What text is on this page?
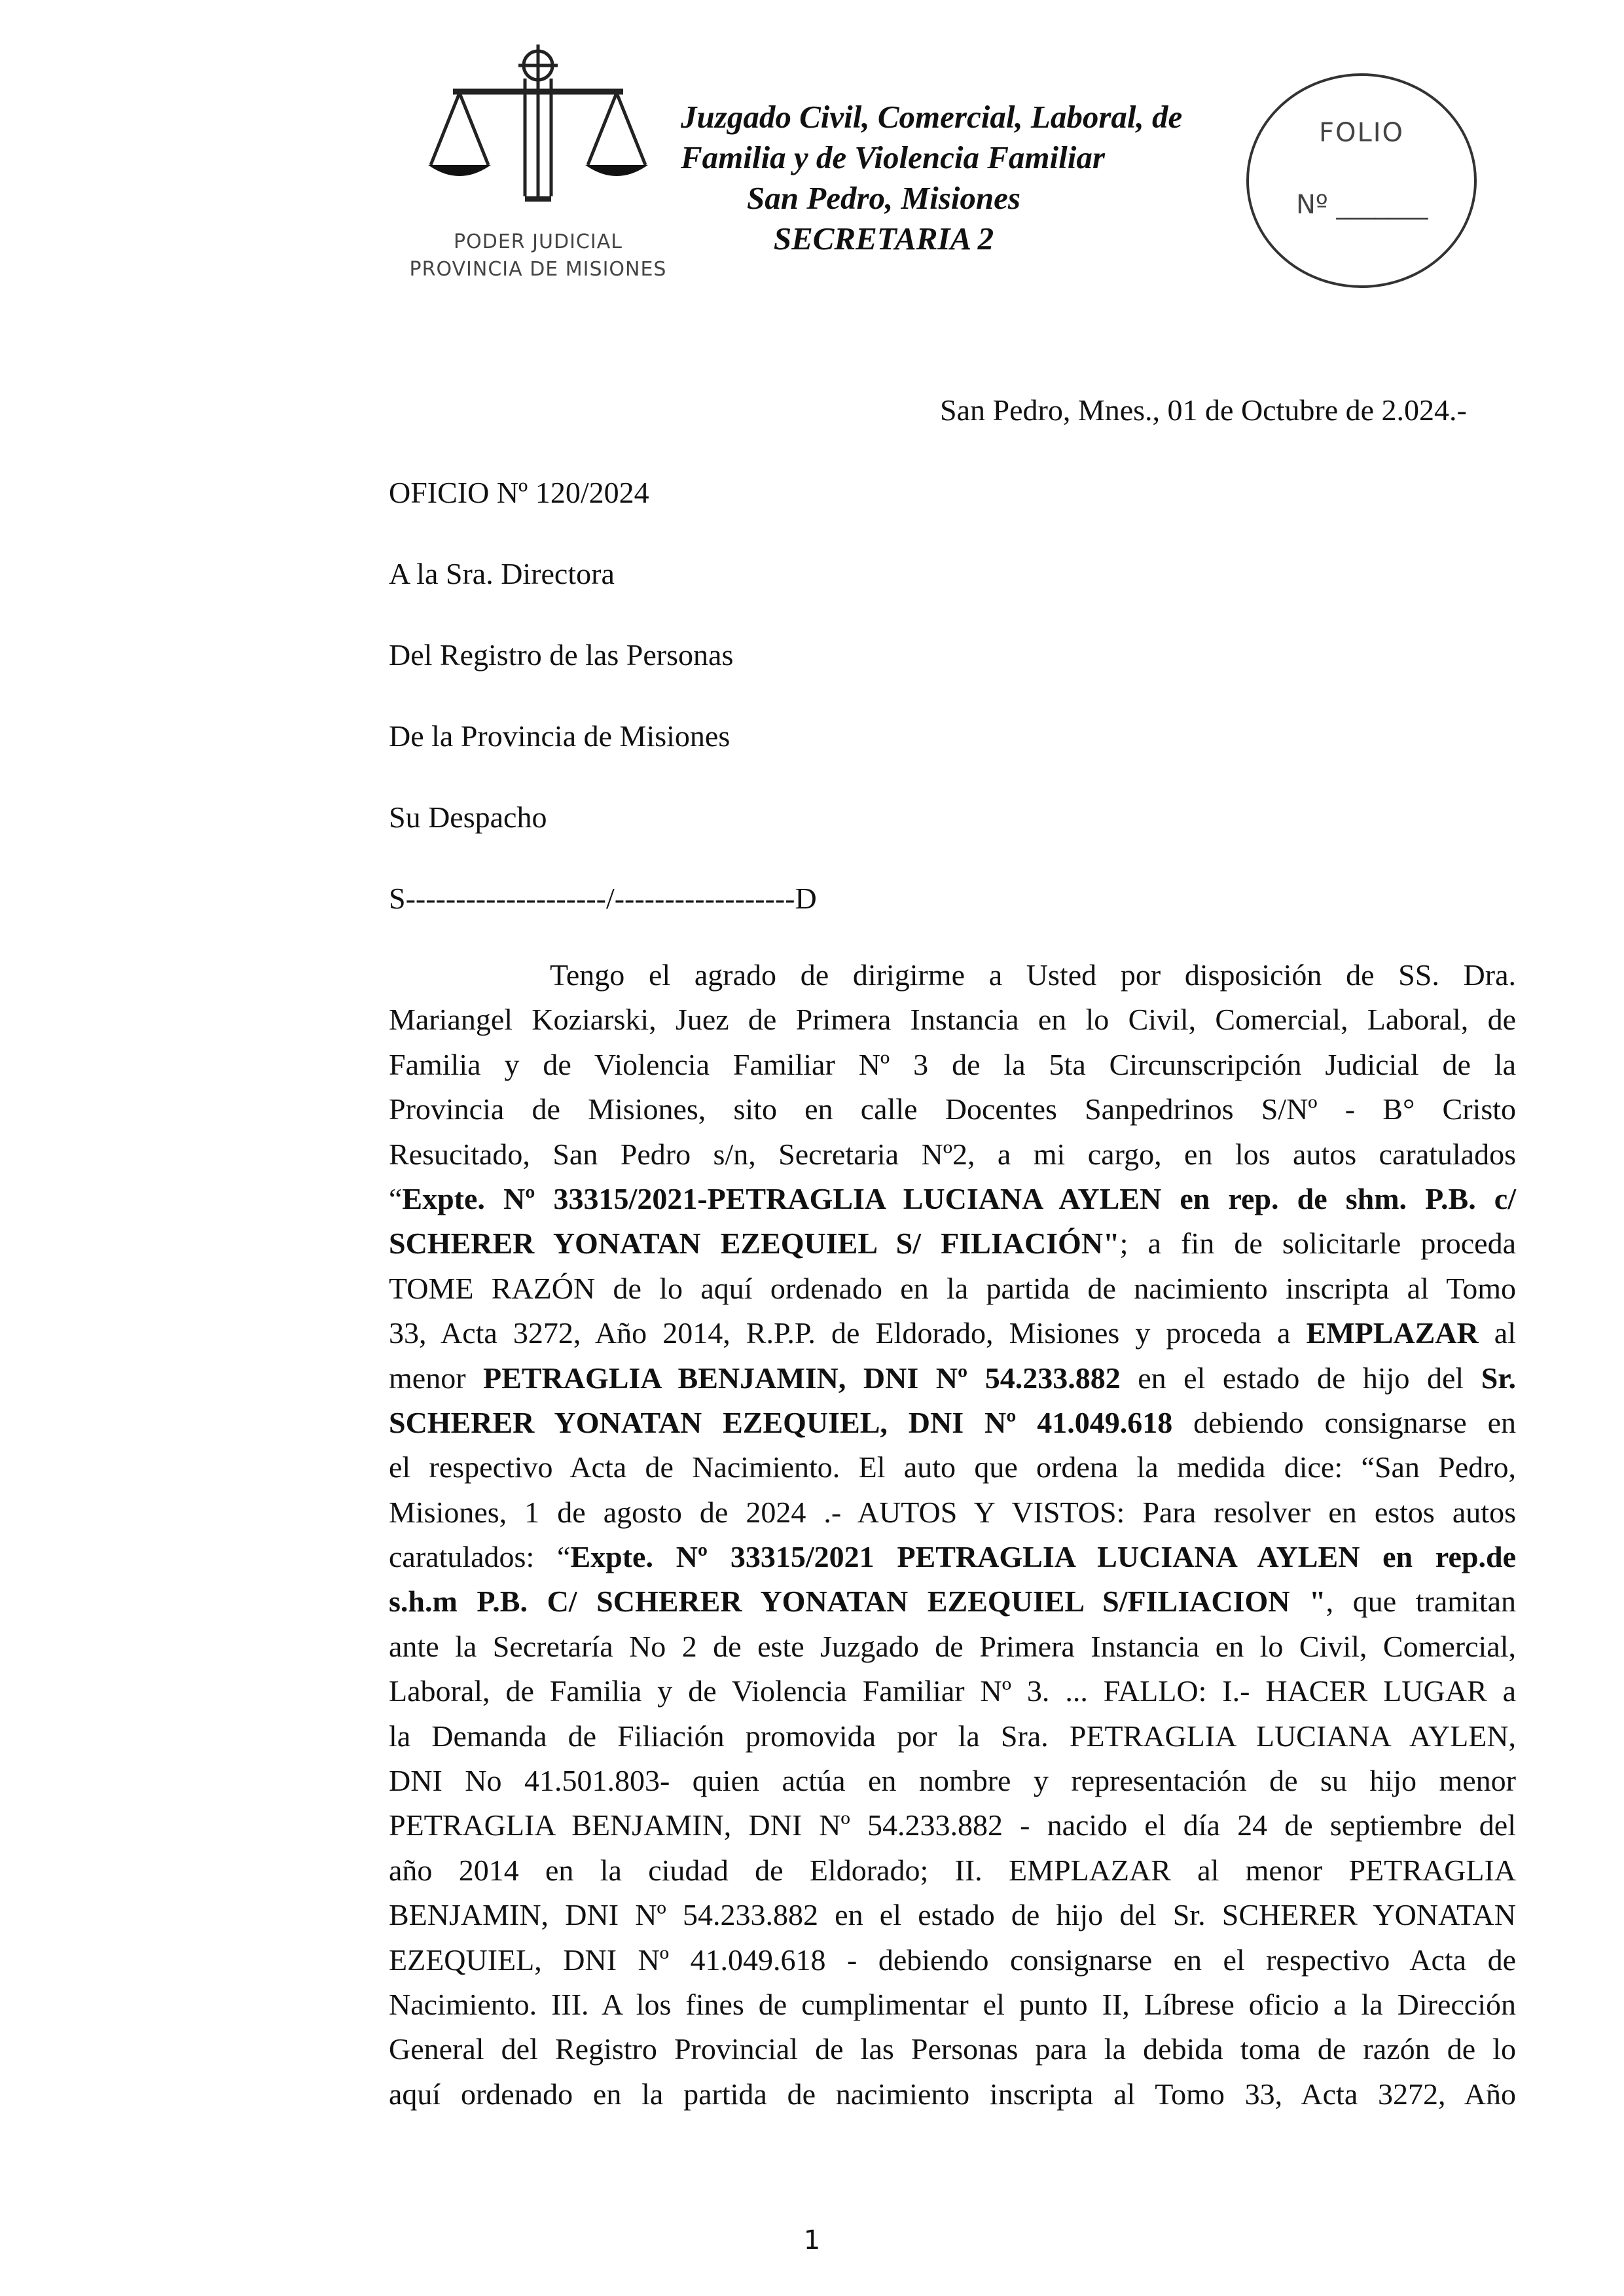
PODER JUDICIAL
PROVINCIA DE MISIONES
Juzgado Civil, Comercial, Laboral, de
Familia y de Violencia Familiar
San Pedro, Misiones
SECRETARIA 2
FOLIO
Nº _______
San Pedro, Mnes., 01 de Octubre de 2.024.-
OFICIO Nº 120/2024
A la Sra. Directora
Del Registro de las Personas
De la Provincia de Misiones
Su Despacho
S--------------------/------------------D
Tengo el agrado de dirigirme a Usted por disposición de SS. Dra.
Mariangel Koziarski, Juez de Primera Instancia en lo Civil, Comercial, Laboral, de
Familia y de Violencia Familiar Nº 3 de la 5ta Circunscripción Judicial de la
Provincia de Misiones, sito en calle Docentes Sanpedrinos S/Nº - B° Cristo
Resucitado, San Pedro s/n, Secretaria Nº2, a mi cargo, en los autos caratulados
“Expte. Nº 33315/2021-PETRAGLIA LUCIANA AYLEN en rep. de shm. P.B. c/
SCHERER YONATAN EZEQUIEL S/ FILIACIÓN"; a fin de solicitarle proceda
TOME RAZÓN de lo aquí ordenado en la partida de nacimiento inscripta al Tomo
33, Acta 3272, Año 2014, R.P.P. de Eldorado, Misiones y proceda a EMPLAZAR al
menor PETRAGLIA BENJAMIN, DNI Nº 54.233.882 en el estado de hijo del Sr.
SCHERER YONATAN EZEQUIEL, DNI Nº 41.049.618 debiendo consignarse en
el respectivo Acta de Nacimiento. El auto que ordena la medida dice: “San Pedro,
Misiones, 1 de agosto de 2024 .- AUTOS Y VISTOS: Para resolver en estos autos
caratulados: “Expte. Nº 33315/2021 PETRAGLIA LUCIANA AYLEN en rep.de
s.h.m P.B. C/ SCHERER YONATAN EZEQUIEL S/FILIACION ", que tramitan
ante la Secretaría No 2 de este Juzgado de Primera Instancia en lo Civil, Comercial,
Laboral, de Familia y de Violencia Familiar Nº 3. ... FALLO: I.- HACER LUGAR a
la Demanda de Filiación promovida por la Sra. PETRAGLIA LUCIANA AYLEN,
DNI No 41.501.803- quien actúa en nombre y representación de su hijo menor
PETRAGLIA BENJAMIN, DNI Nº 54.233.882 - nacido el día 24 de septiembre del
año 2014 en la ciudad de Eldorado; II. EMPLAZAR al menor PETRAGLIA
BENJAMIN, DNI Nº 54.233.882 en el estado de hijo del Sr. SCHERER YONATAN
EZEQUIEL, DNI Nº 41.049.618 - debiendo consignarse en el respectivo Acta de
Nacimiento. III. A los fines de cumplimentar el punto II, Líbrese oficio a la Dirección
General del Registro Provincial de las Personas para la debida toma de razón de lo
aquí ordenado en la partida de nacimiento inscripta al Tomo 33, Acta 3272, Año
1
